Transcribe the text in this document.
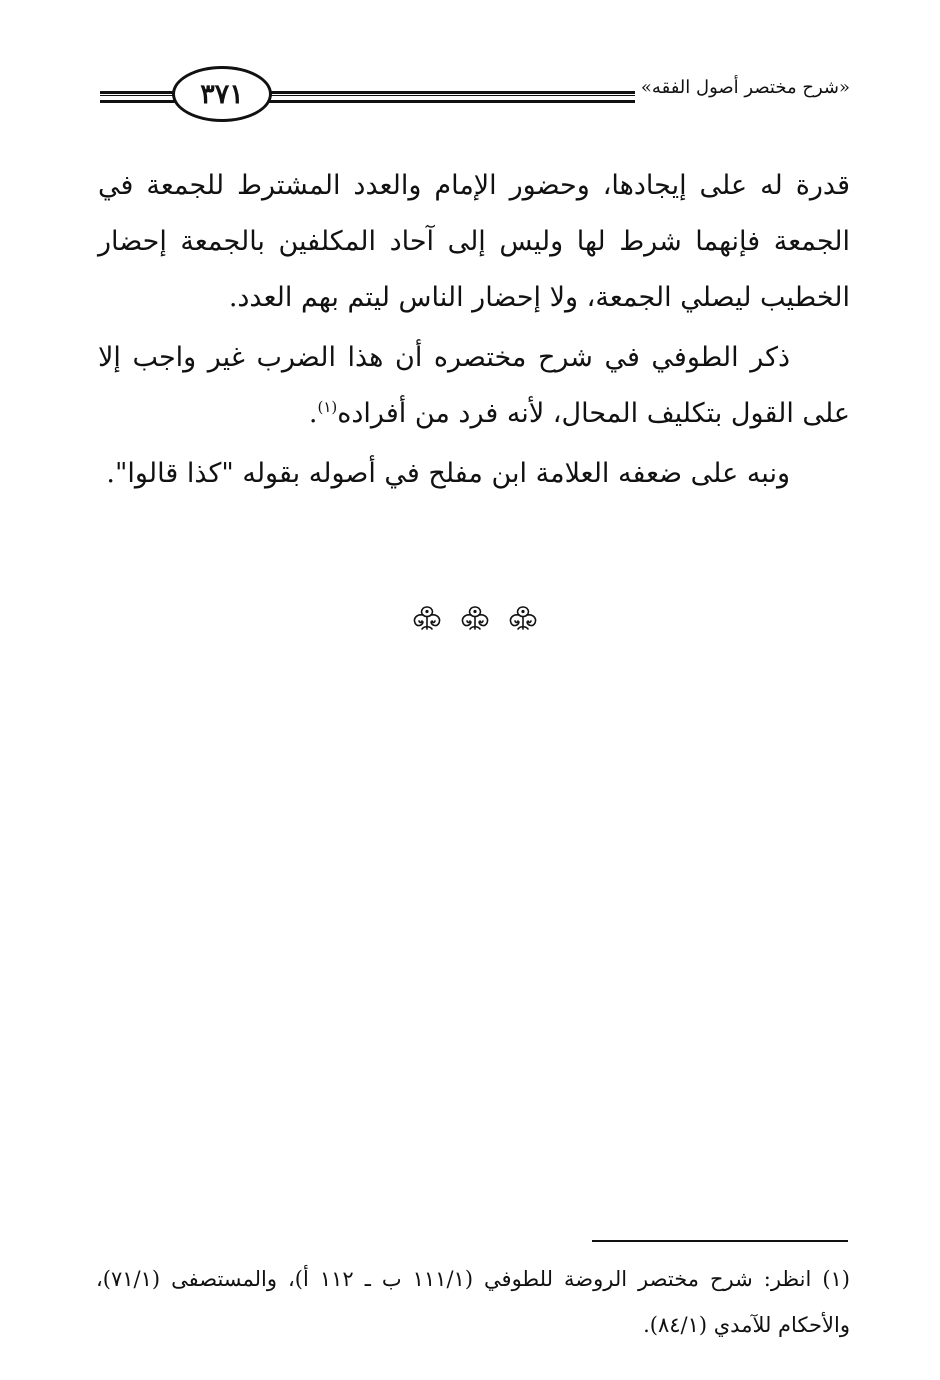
٣٧١	«شرح مختصر أصول الفقه»

قدرة له على إيجادها، وحضور الإمام والعدد المشترط للجمعة في الجمعة فإنهما شرط لها وليس إلى آحاد المكلفين بالجمعة إحضار الخطيب ليصلي الجمعة، ولا إحضار الناس ليتم بهم العدد.

ذكر الطوفي في شرح مختصره أن هذا الضرب غير واجب إلا على القول بتكليف المحال، لأنه فرد من أفراده$^{(١)}$.

ونبه على ضعفه العلامة ابن مفلح في أصوله بقوله "كذا قالوا".

(١) انظر: شرح مختصر الروضة للطوفي (١١١/١ ب ـ ١١٢ أ)، والمستصفى (٧١/١)، والأحكام للآمدي (٨٤/١).
